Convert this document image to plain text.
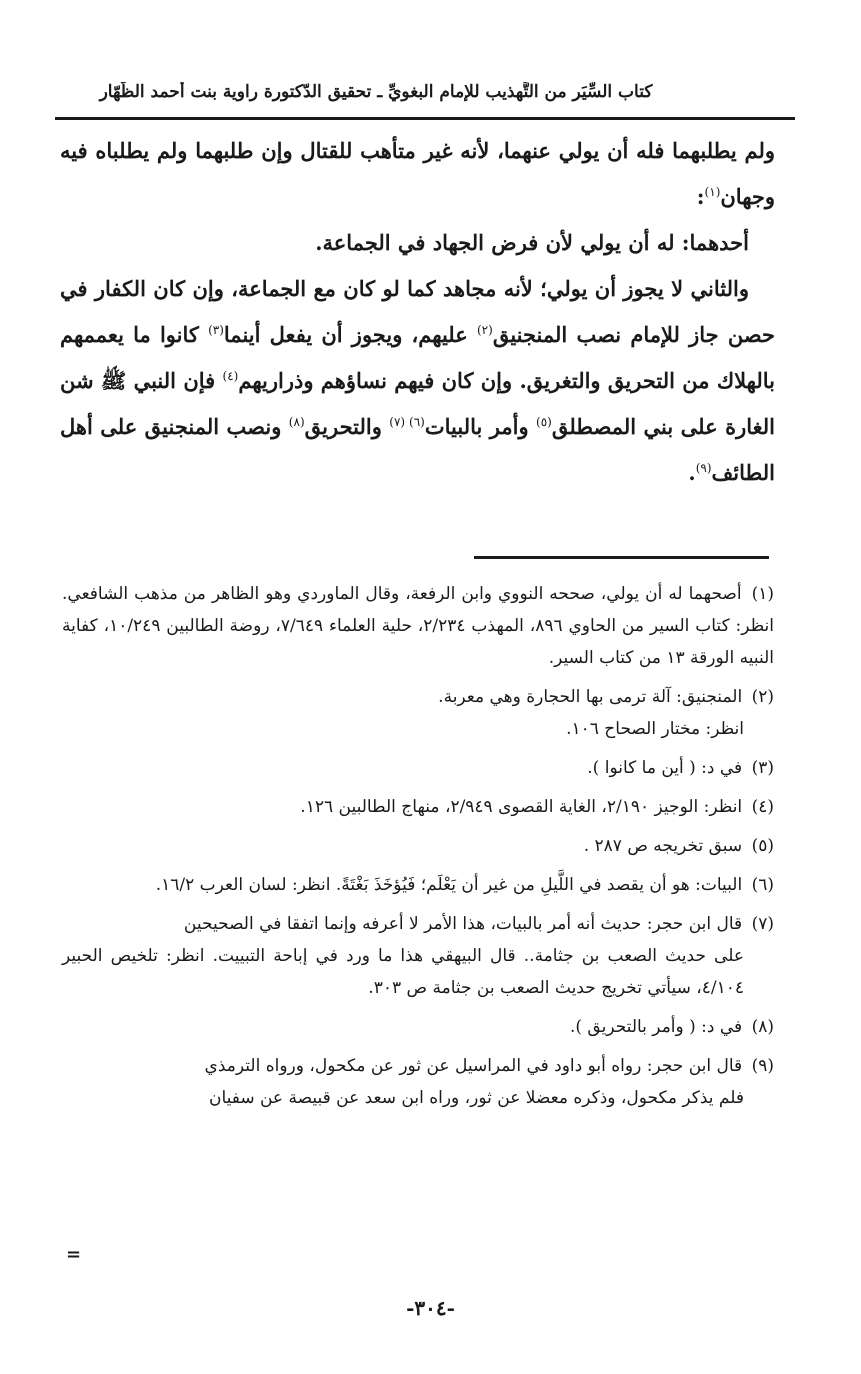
كتاب السِّيَر من التَّهذيب للإمام البغويِّ ـ تحقيق الدّكتورة راوية بنت أحمد الظَّهّار

ولم يطلبهما فله أن يولي عنهما، لأنه غير متأهب للقتال وإن طلبهما ولم يطلباه فيه وجهان$^{(١)}$:

أحدهما: له أن يولي لأن فرض الجهاد في الجماعة.

والثاني لا يجوز أن يولي؛ لأنه مجاهد كما لو كان مع الجماعة، وإن كان الكفار في حصن جاز للإمام نصب المنجنيق$^{(٢)}$ عليهم، ويجوز أن يفعل أينما$^{(٣)}$ كانوا ما يعممهم بالهلاك من التحريق والتغريق. وإن كان فيهم نساؤهم وذراريهم$^{(٤)}$ فإن النبي ﷺ شن الغارة على بني المصطلق$^{(٥)}$ وأمر بالبيات$^{(٦) (٧)}$ والتحريق$^{(٨)}$ ونصب المنجنيق على أهل الطائف$^{(٩)}$.

(١) أصحهما له أن يولي، صححه النووي وابن الرفعة، وقال الماوردي وهو الظاهر من مذهب الشافعي. انظر: كتاب السير من الحاوي ٨٩٦، المهذب ٢/٢٣٤، حلية العلماء ٧/٦٤٩، روضة الطالبين ١٠/٢٤٩، كفاية النبيه الورقة ١٣ من كتاب السير.
(٢) المنجنيق: آلة ترمى بها الحجارة وهي معربة.
انظر: مختار الصحاح ١٠٦.
(٣) في د: ( أين ما كانوا ).
(٤) انظر: الوجيز ٢/١٩٠، الغاية القصوى ٢/٩٤٩، منهاج الطالبين ١٢٦.
(٥) سبق تخريجه ص ٢٨٧ .
(٦) البيات: هو أن يقصد في اللَّيلِ من غير أن يَعْلَم؛ فَيُؤخَذَ بَغْتَةً. انظر: لسان العرب ١٦/٢.
(٧) قال ابن حجر: حديث أنه أمر بالبيات، هذا الأمر لا أعرفه وإنما اتفقا في الصحيحين
على حديث الصعب بن جثامة.. قال البيهقي هذا ما ورد في إباحة التبييت. انظر: تلخيص الحبير ٤/١٠٤، سيأتي تخريج حديث الصعب بن جثامة ص ٣٠٣.
(٨) في د: ( وأمر بالتحريق ).
(٩) قال ابن حجر: رواه أبو داود في المراسيل عن ثور عن مكحول، ورواه الترمذي
فلم يذكر مكحول، وذكره معضلا عن ثور، وراه ابن سعد عن قبيصة عن سفيان
=
-٣٠٤-
